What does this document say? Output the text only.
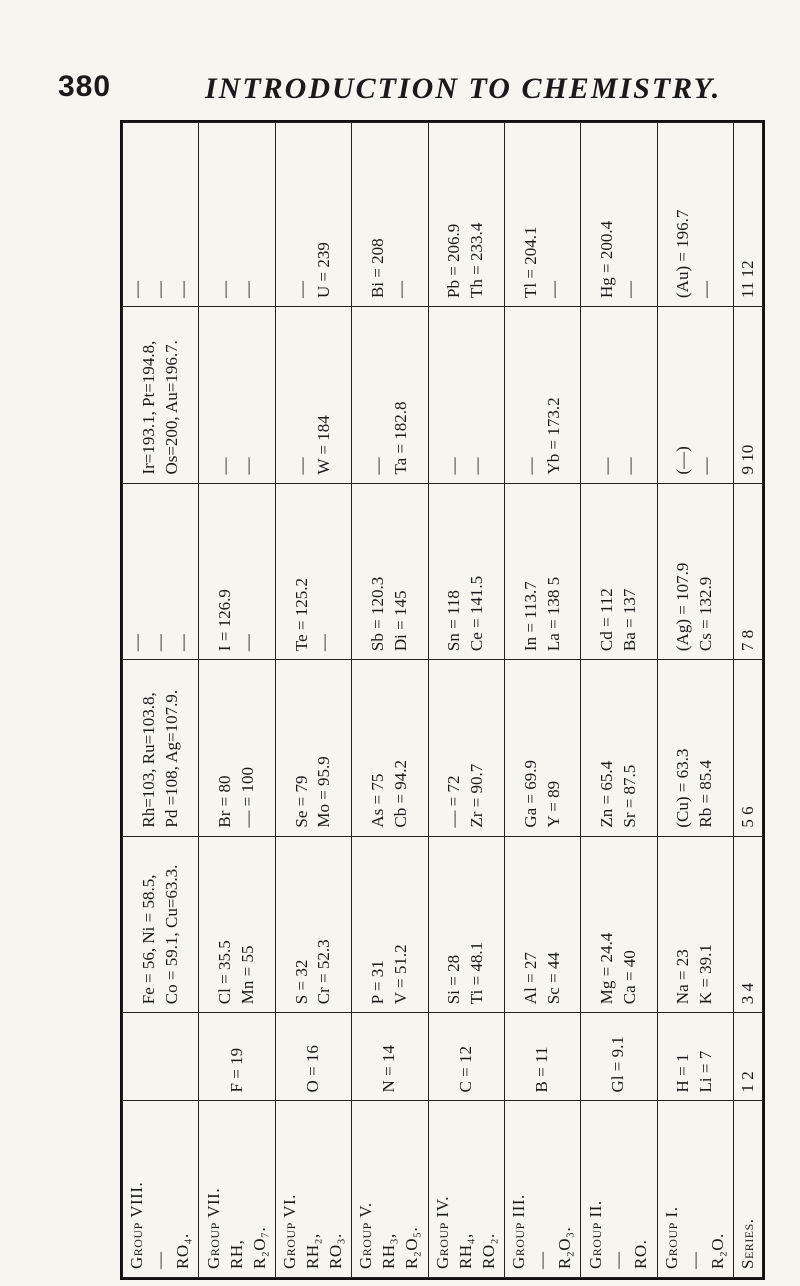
380	INTRODUCTION TO CHEMISTRY.
Group VIII. — RO₄.		Fe = 56, Ni = 58.5, Co = 59.1, Cu=63.3.	Rh=103, Ru=103.8, Pd =108, Ag=107.9.	— — —	Ir=193.1, Pt=194.8, Os=200, Au=196.7.	— — —

Group VII. RH, R₂O₇.	F = 19	Cl = 35.5 Mn = 55	Br = 80 — = 100	I = 126.9 —	— —	— —

Group VI. RH₂, RO₃.	O = 16	S = 32 Cr = 52.3	Se = 79 Mo = 95.9	Te = 125.2 —	— W = 184	— U = 239

Group V. RH₃, R₂O₅.	N = 14	P = 31 V = 51.2	As = 75 Cb = 94.2	Sb = 120.3 Di = 145	— Ta = 182.8	Bi = 208 —

Group IV. RH₄, RO₂.	C = 12	Si = 28 Ti = 48.1	— = 72 Zr = 90.7	Sn = 118 Ce = 141.5	— —	Pb = 206.9 Th = 233.4

Group III. — R₂O₃.	B = 11	Al = 27 Sc = 44	Ga = 69.9 Y = 89	In = 113.7 La = 138 5	— Yb = 173.2	Tl = 204.1 —

Group II. — RO.	Gl = 9.1	Mg = 24.4 Ca = 40	Zn = 65.4 Sr = 87.5	Cd = 112 Ba = 137	— —	Hg = 200.4 —

Group I. — R₂O.	H = 1 Li = 7	Na = 23 K = 39.1	(Cu) = 63.3 Rb = 85.4	(Ag) = 107.9 Cs = 132.9	(—) —	(Au) = 196.7 —

Series.	1 2	3 4	5 6	7 8	9 10	11 12
